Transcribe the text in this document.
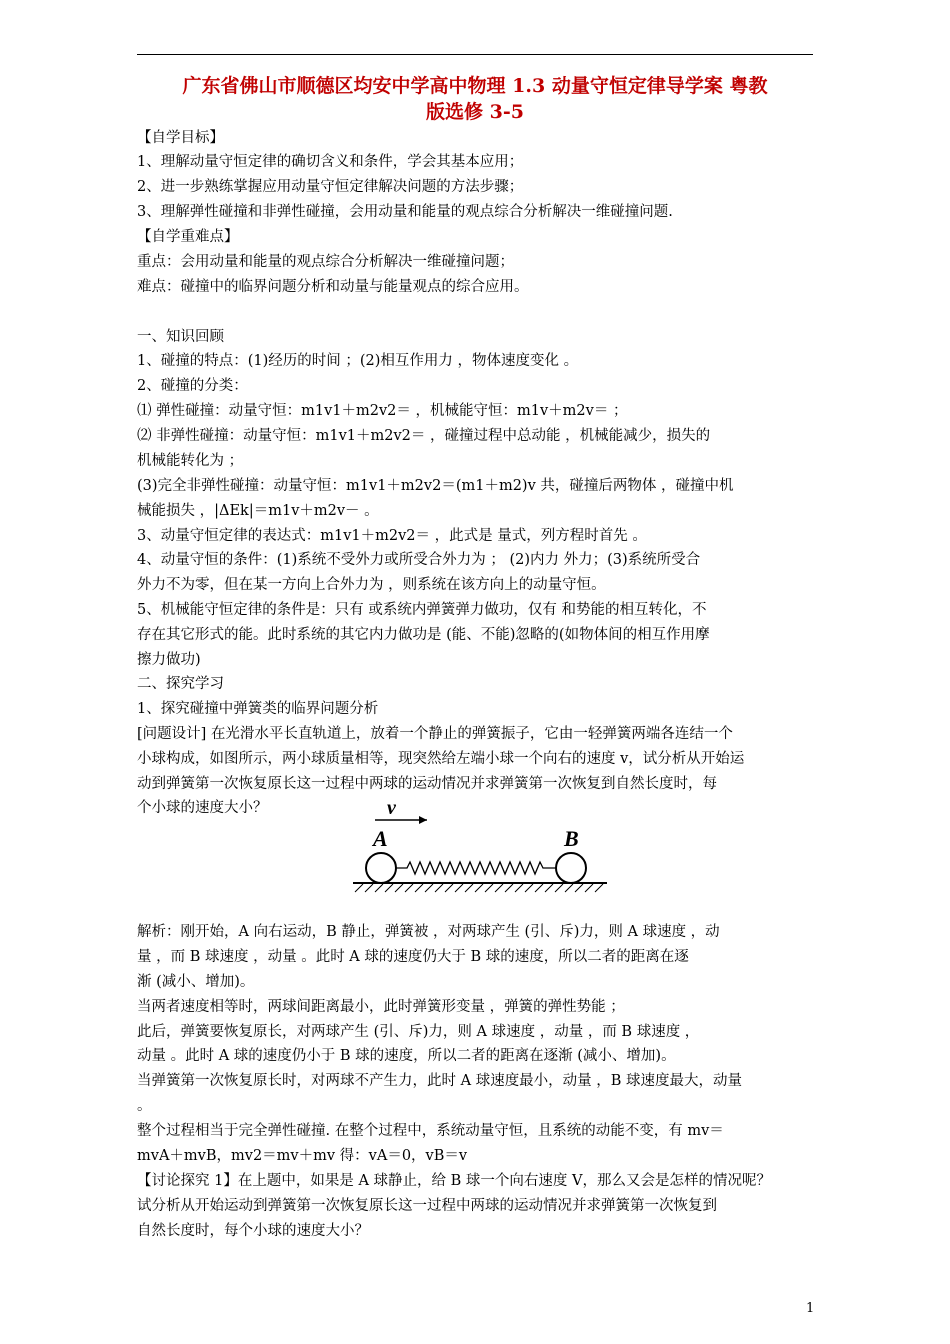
广东省佛山市顺德区均安中学高中物理 1.3 动量守恒定律导学案 粤教
版选修 3-5
【自学目标】
1、理解动量守恒定律的确切含义和条件，学会其基本应用；
2、进一步熟练掌握应用动量守恒定律解决问题的方法步骤；
3、理解弹性碰撞和非弹性碰撞，会用动量和能量的观点综合分析解决一维碰撞问题.
【自学重难点】
重点：会用动量和能量的观点综合分析解决一维碰撞问题；
难点：碰撞中的临界问题分析和动量与能量观点的综合应用。
一、知识回顾
1、碰撞的特点：(1)经历的时间 ；(2)相互作用力 ，物体速度变化 。
2、碰撞的分类：
⑴ 弹性碰撞：动量守恒：m1v1＋m2v2＝ ，机械能守恒：m1v＋m2v＝ ；
⑵ 非弹性碰撞：动量守恒：m1v1＋m2v2＝ ，碰撞过程中总动能 ，机械能减少，损失的
机械能转化为 ；
(3)完全非弹性碰撞：动量守恒：m1v1＋m2v2＝(m1＋m2)v 共，碰撞后两物体 ，碰撞中机
械能损失 ，|ΔEk|＝m1v＋m2v－ 。
3、动量守恒定律的表达式：m1v1＋m2v2＝ ，此式是 量式，列方程时首先 。
4、动量守恒的条件：(1)系统不受外力或所受合外力为 ； (2)内力 外力；(3)系统所受合
外力不为零，但在某一方向上合外力为 ，则系统在该方向上的动量守恒。
5、机械能守恒定律的条件是：只有 或系统内弹簧弹力做功，仅有 和势能的相互转化，不
存在其它形式的能。此时系统的其它内力做功是 (能、不能)忽略的(如物体间的相互作用摩
擦力做功)
二、探究学习
1、探究碰撞中弹簧类的临界问题分析
[问题设计] 在光滑水平长直轨道上，放着一个静止的弹簧振子，它由一轻弹簧两端各连结一个
小球构成，如图所示，两小球质量相等，现突然给左端小球一个向右的速度 v，试分析从开始运
动到弹簧第一次恢复原长这一过程中两球的运动情况并求弹簧第一次恢复到自然长度时，每
个小球的速度大小？	v
A	B
解析：刚开始，A 向右运动，B 静止，弹簧被 ，对两球产生 (引、斥)力，则 A 球速度 ，动
量 ，而 B 球速度 ，动量 。此时 A 球的速度仍大于 B 球的速度，所以二者的距离在逐
渐 (减小、增加)。
当两者速度相等时，两球间距离最小，此时弹簧形变量 ，弹簧的弹性势能 ；
此后，弹簧要恢复原长，对两球产生 (引、斥)力，则 A 球速度 ，动量 ，而 B 球速度 ，
动量 。此时 A 球的速度仍小于 B 球的速度，所以二者的距离在逐渐 (减小、增加)。
当弹簧第一次恢复原长时，对两球不产生力，此时 A 球速度最小，动量 ，B 球速度最大，动量
。
整个过程相当于完全弹性碰撞. 在整个过程中，系统动量守恒，且系统的动能不变，有 mv＝
mvA＋mvB，mv2＝mv＋mv 得：vA＝0，vB＝v
【讨论探究 1】在上题中，如果是 A 球静止，给 B 球一个向右速度 V，那么又会是怎样的情况呢？
试分析从开始运动到弹簧第一次恢复原长这一过程中两球的运动情况并求弹簧第一次恢复到
自然长度时，每个小球的速度大小？
1
